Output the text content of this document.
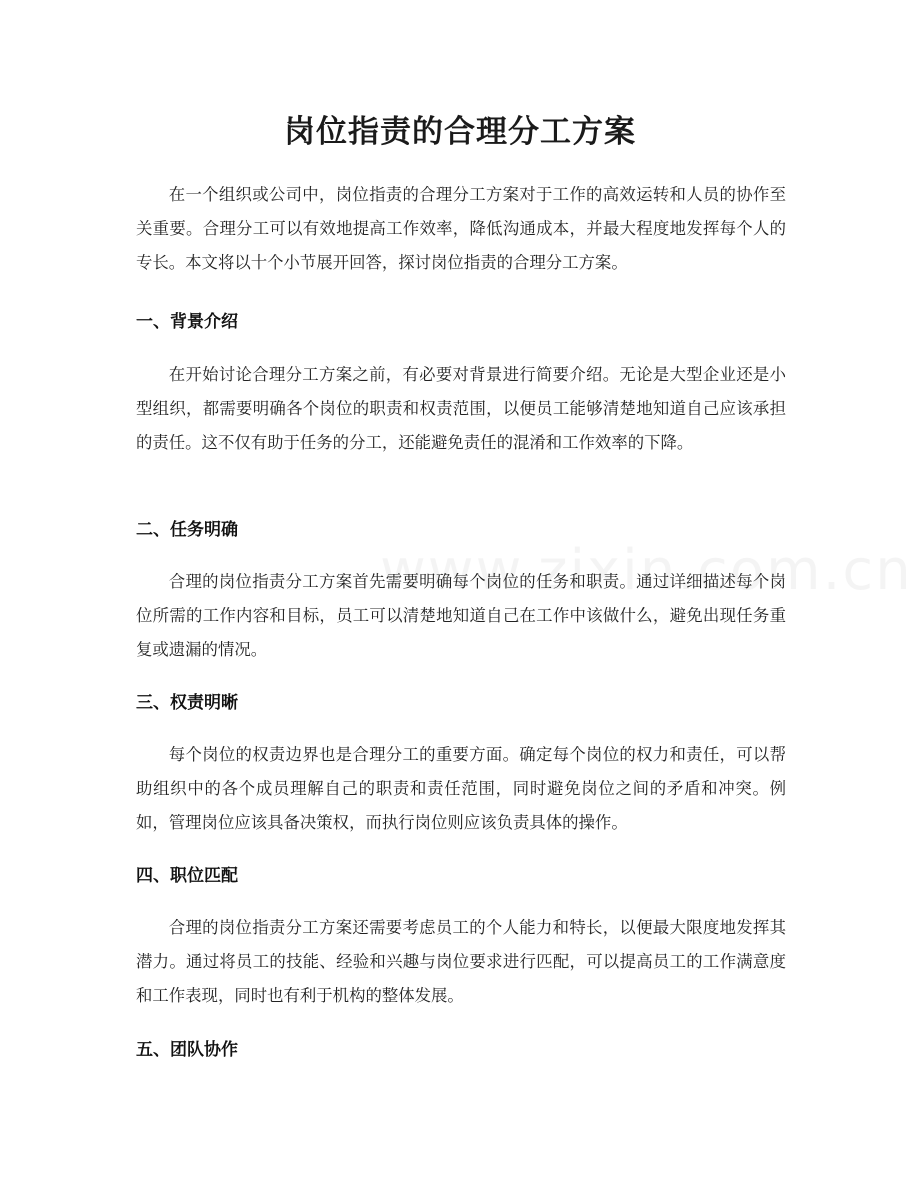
岗位指责的合理分工方案

在一个组织或公司中，岗位指责的合理分工方案对于工作的高效运转和人员的协作至关重要。合理分工可以有效地提高工作效率，降低沟通成本，并最大程度地发挥每个人的专长。本文将以十个小节展开回答，探讨岗位指责的合理分工方案。

一、背景介绍

在开始讨论合理分工方案之前，有必要对背景进行简要介绍。无论是大型企业还是小型组织，都需要明确各个岗位的职责和权责范围，以便员工能够清楚地知道自己应该承担的责任。这不仅有助于任务的分工，还能避免责任的混淆和工作效率的下降。

二、任务明确

合理的岗位指责分工方案首先需要明确每个岗位的任务和职责。通过详细描述每个岗位所需的工作内容和目标，员工可以清楚地知道自己在工作中该做什么，避免出现任务重复或遗漏的情况。

三、权责明晰

每个岗位的权责边界也是合理分工的重要方面。确定每个岗位的权力和责任，可以帮助组织中的各个成员理解自己的职责和责任范围，同时避免岗位之间的矛盾和冲突。例如，管理岗位应该具备决策权，而执行岗位则应该负责具体的操作。

四、职位匹配

合理的岗位指责分工方案还需要考虑员工的个人能力和特长，以便最大限度地发挥其潜力。通过将员工的技能、经验和兴趣与岗位要求进行匹配，可以提高员工的工作满意度和工作表现，同时也有利于机构的整体发展。

五、团队协作
